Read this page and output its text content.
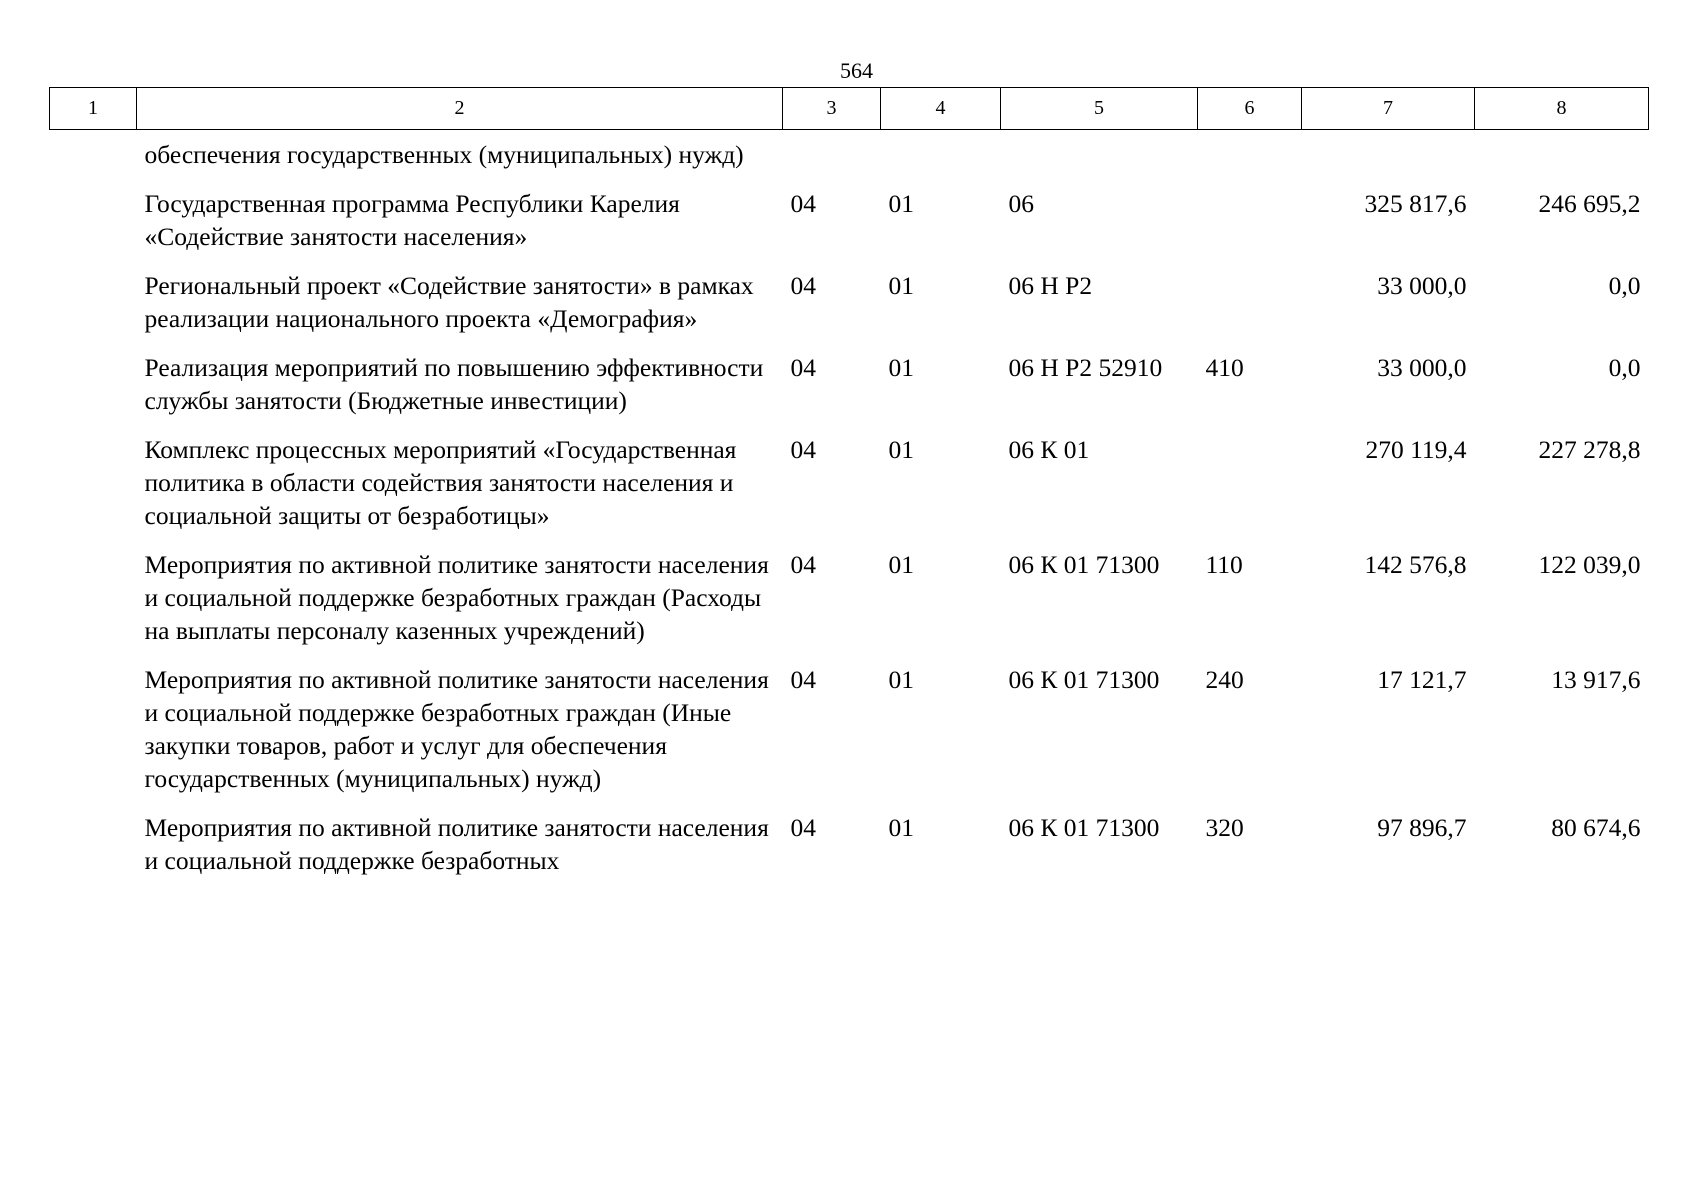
564
1	2	3	4	5	6	7	8
	обеспечения государственных (муниципальных) нужд)						
	Государственная программа Республики Карелия «Содействие занятости населения»	04	01	06		325 817,6	246 695,2
	Региональный проект «Содействие занятости» в рамках реализации национального проекта «Демография»	04	01	06 Н Р2		33 000,0	0,0
	Реализация мероприятий по повышению эффективности службы занятости (Бюджетные инвестиции)	04	01	06 Н Р2 52910	410	33 000,0	0,0
	Комплекс процессных мероприятий «Государственная политика в области содействия занятости населения и социальной защиты от безработицы»	04	01	06 К 01		270 119,4	227 278,8
	Мероприятия по активной политике занятости населения и социальной поддержке безработных граждан (Расходы на выплаты персоналу казенных учреждений)	04	01	06 К 01 71300	110	142 576,8	122 039,0
	Мероприятия по активной политике занятости населения и социальной поддержке безработных граждан (Иные закупки товаров, работ и услуг для обеспечения государственных (муниципальных) нужд)	04	01	06 К 01 71300	240	17 121,7	13 917,6
	Мероприятия по активной политике занятости населения и социальной поддержке безработных	04	01	06 К 01 71300	320	97 896,7	80 674,6
